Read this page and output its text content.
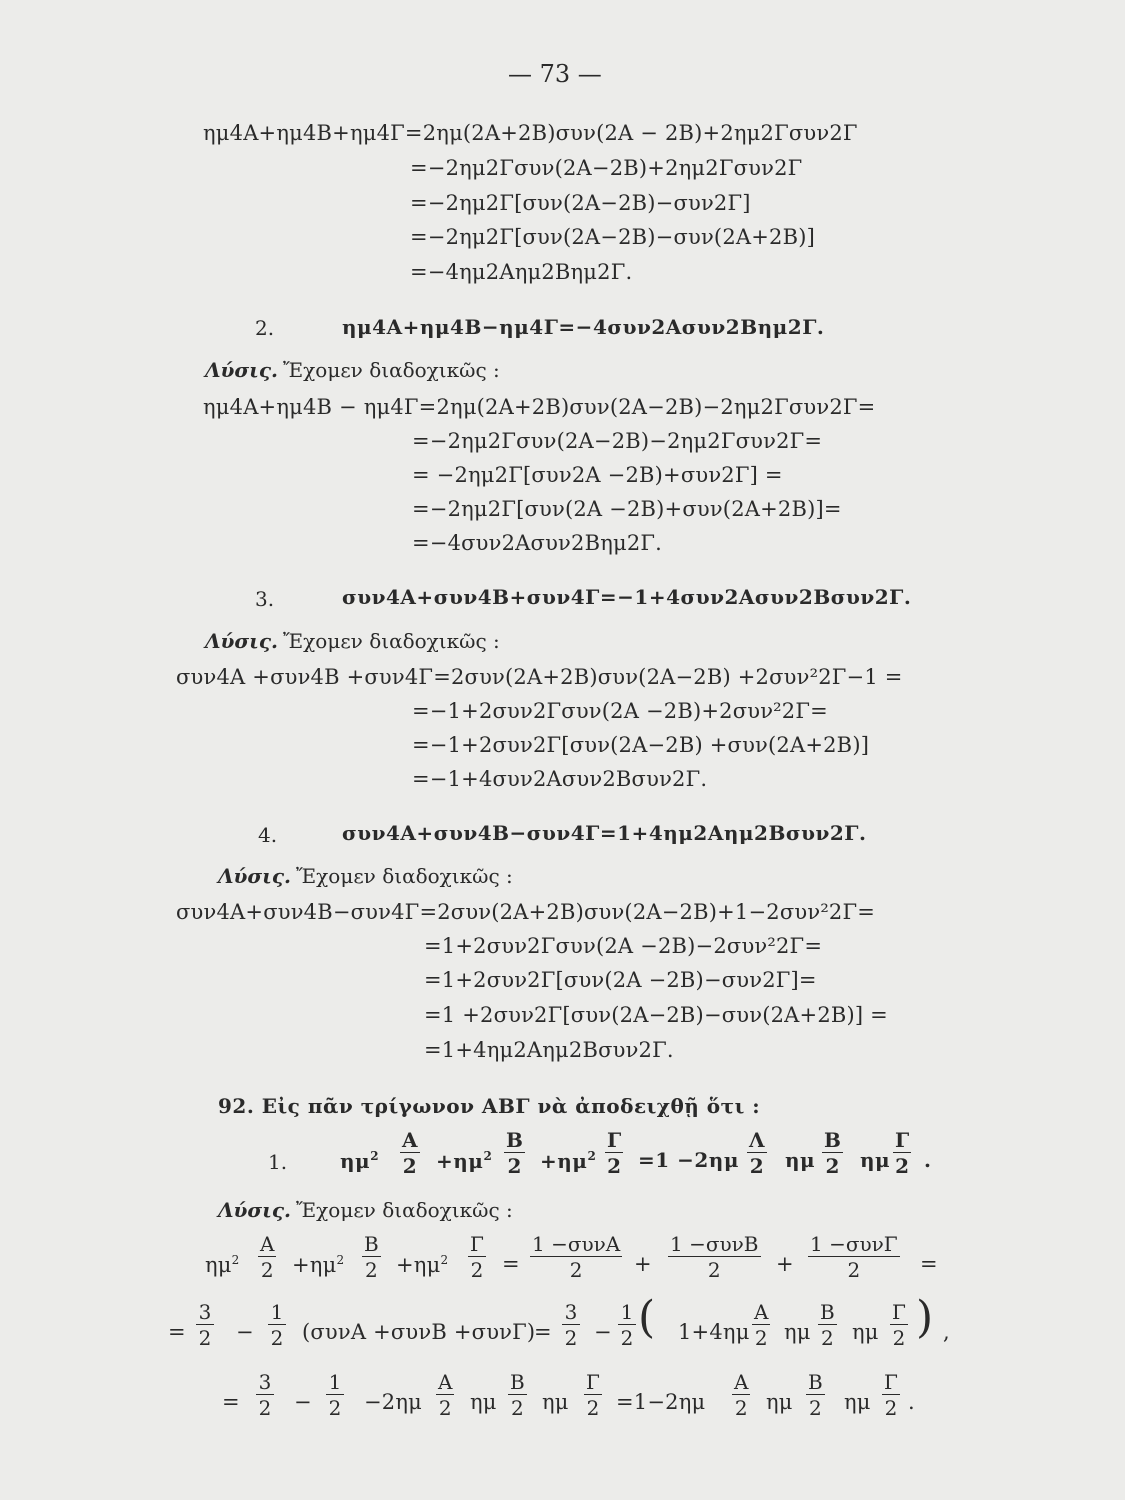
— 73 —
ημ4Α+ημ4Β+ημ4Γ=2ημ(2Α+2Β)συν(2Α − 2Β)+2ημ2Γσυν2Γ
=−2ημ2Γσυν(2Α−2Β)+2ημ2Γσυν2Γ
=−2ημ2Γ[συν(2Α−2Β)−συν2Γ]
=−2ημ2Γ[συν(2Α−2Β)−συν(2Α+2Β)]
=−4ημ2Αημ2Βημ2Γ.
2.	ημ4Α+ημ4Β−ημ4Γ=−4συν2Ασυν2Βημ2Γ.
Λύσις. Ἔχομεν διαδοχικῶς :
ημ4Α+ημ4Β − ημ4Γ=2ημ(2Α+2Β)συν(2Α−2Β)−2ημ2Γσυν2Γ=
=−2ημ2Γσυν(2Α−2Β)−2ημ2Γσυν2Γ=
= −2ημ2Γ[συν2Α −2Β)+συν2Γ] =
=−2ημ2Γ[συν(2Α −2Β)+συν(2Α+2Β)]=
=−4συν2Ασυν2Βημ2Γ.
3.	συν4Α+συν4Β+συν4Γ=−1+4συν2Ασυν2Βσυν2Γ.
Λύσις. Ἔχομεν διαδοχικῶς :
συν4Α +συν4Β +συν4Γ=2συν(2Α+2Β)συν(2Α−2Β) +2συν²2Γ−1 =
=−1+2συν2Γσυν(2Α −2Β)+2συν²2Γ=
=−1+2συν2Γ[συν(2Α−2Β) +συν(2Α+2Β)]
=−1+4συν2Ασυν2Βσυν2Γ.
4.	συν4Α+συν4Β−συν4Γ=1+4ημ2Αημ2Βσυν2Γ.
Λύσις. Ἔχομεν διαδοχικῶς :
συν4Α+συν4Β−συν4Γ=2συν(2Α+2Β)συν(2Α−2Β)+1−2συν²2Γ=
=1+2συν2Γσυν(2Α −2Β)−2συν²2Γ=
=1+2συν2Γ[συν(2Α −2Β)−συν2Γ]=
=1 +2συν2Γ[συν(2Α−2Β)−συν(2Α+2Β)] =
=1+4ημ2Αημ2Βσυν2Γ.
92. Εἰς πᾶν τρίγωνον ΑΒΓ νὰ ἀποδειχθῇ ὅτι :
1.	$\eta\mu^2$
Α
$2 +\eta\mu^2$
Β
$2 +\eta\mu^2$
Γ
2 =1 −2ημ
Λ
2 ημ
Β
2 ημ
Γ
2 .
Λύσις. Ἔχομεν διαδοχικῶς :
$\eta\mu^2$
Α
$2 +\eta\mu^2$
Β
$2 +\eta\mu^2$
Γ
2 =
1 −συνΑ
2 +
1 −συνΒ
2	+
1 −συνΓ
2	=
=
3
2 −
1
2 (συνΑ +συνΒ +συνΓ)
=
3
2 −
1
2 ( 1+4ημ
Α
2 ημ
Β
2 ημ
Γ
2 ) ,
=
3
2 −
1
2 −2ημ
Α
2 ημ
Β
2 ημ
Γ
2 =1−2ημ
Α
2 ημ
Β
2 ημ
Γ
2 .
